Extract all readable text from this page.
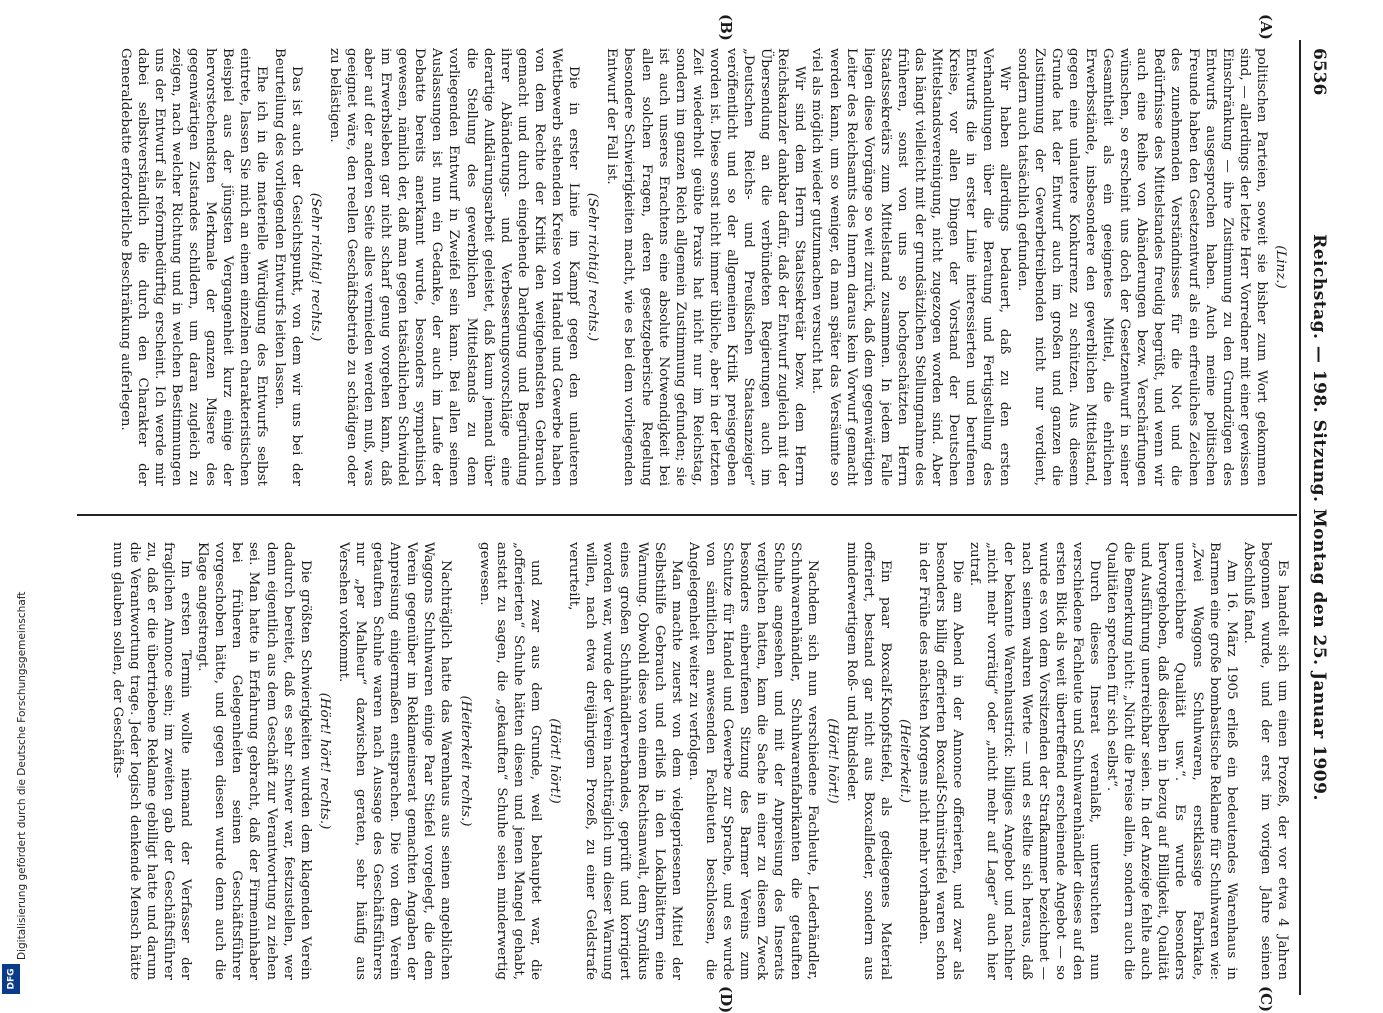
6536
Reichstag. — 198. Sitzung. Montag den 25. Januar 1909.
(A)
(B)
(C)
(D)

(Linz.)

politischen Parteien, soweit sie bisher zum Wort gekommen sind, — allerdings der letzte Herr Vorredner mit einer gewissen Einschränkung — ihre Zustimmung zu den Grundzügen des Entwurfs ausgesprochen haben. Auch meine politischen Freunde haben den Gesetzentwurf als ein erfreuliches Zeichen des zunehmenden Verständnisses für die Not und die Bedürfnisse des Mittelstandes freudig begrüßt, und wenn wir auch eine Reihe von Abänderungen bezw. Verschärfungen wünschen, so erscheint uns doch der Gesetzentwurf in seiner Gesamtheit als ein geeignetes Mittel, die ehrlichen Erwerbsstände, insbesondere den gewerblichen Mittelstand, gegen eine unlautere Konkurrenz zu schützen. Aus diesem Grunde hat der Entwurf auch im großen und ganzen die Zustimmung der Gewerbetreibenden nicht nur verdient, sondern auch tatsächlich gefunden.

Wir haben allerdings bedauert, daß zu den ersten Verhandlungen über die Beratung und Fertigstellung des Entwurfs die in erster Linie interessierten und berufenen Kreise, vor allen Dingen der Vorstand der Deutschen Mittelstandsvereinigung, nicht zugezogen worden sind. Aber das hängt vielleicht mit der grundsätzlichen Stellungnahme des früheren, sonst von uns so hochgeschätzten Herrn Staatssekretärs zum Mittelstand zusammen. In jedem Falle liegen diese Vorgänge so weit zurück, daß dem gegenwärtigen Leiter des Reichsamts des Innern daraus kein Vorwurf gemacht werden kann, um so weniger, da man später das Versäumte so viel als möglich wieder gutzumachen versucht hat.

Wir sind dem Herrn Staatssekretär bezw. dem Herrn Reichskanzler dankbar dafür, daß der Entwurf zugleich mit der Übersendung an die verbündeten Regierungen auch im „Deutschen Reichs- und Preußischen Staatsanzeiger“ veröffentlicht und so der allgemeinen Kritik preisgegeben worden ist. Diese sonst nicht immer übliche, aber in der letzten Zeit wiederholt geübte Praxis hat nicht nur im Reichstag, sondern im ganzen Reich allgemein Zustimmung gefunden; sie ist auch unseres Erachtens eine absolute Notwendigkeit bei allen solchen Fragen, deren gesetzgeberische Regelung besondere Schwierigkeiten macht, wie es bei dem vorliegenden Entwurf der Fall ist.

(Sehr richtig! rechts.)

Die in erster Linie im Kampf gegen den unlauteren Wettbewerb stehenden Kreise von Handel und Gewerbe haben von dem Rechte der Kritik den weitgehendsten Gebrauch gemacht und durch eingehende Darlegung und Begründung ihrer Abänderungs- und Verbesserungsvorschläge eine derartige Aufklärungsarbeit geleistet, daß kaum jemand über die Stellung des gewerblichen Mittelstands zu dem vorliegenden Entwurf in Zweifel sein kann. Bei allen seinen Auslassungen ist nun ein Gedanke, der auch im Laufe der Debatte bereits anerkannt wurde, besonders sympathisch gewesen, nämlich der, daß man gegen tatsächlichen Schwindel im Erwerbsleben gar nicht scharf genug vorgehen kann, daß aber auf der anderen Seite alles vermieden werden muß, was geeignet wäre, den reellen Geschäftsbetrieb zu schädigen oder zu belästigen.

(Sehr richtig! rechts.)

Das ist auch der Gesichtspunkt, von dem wir uns bei der Beurteilung des vorliegenden Entwurfs leiten lassen.

Ehe ich in die materielle Würdigung des Entwurfs selbst eintrete, lassen Sie mich an einem einzelnen charakteristischen Beispiel aus der jüngsten Vergangenheit kurz einige der hervorstechendsten Merkmale der ganzen Misere des gegenwärtigen Zustandes schildern, um daran zugleich zu zeigen, nach welcher Richtung und in welchen Bestimmungen uns der Entwurf als reformbedürftig erscheint. Ich werde mir dabei selbstverständlich die durch den Charakter der Generaldebatte erforderliche Beschränkung auferlegen.

Es handelt sich um einen Prozeß, der vor etwa 4 Jahren begonnen wurde, und der erst im vorigen Jahre seinen Abschluß fand.

Am 16. März 1905 erließ ein bedeutendes Warenhaus in Barmen eine große bombastische Reklame für Schuhwaren wie: „Zwei Waggons Schuhwaren, erstklassige Fabrikate, unerreichbare Qualität usw.“. Es wurde besonders hervorgehoben, daß dieselben in bezug auf Billigkeit, Qualität und Ausführung unerreichbar seien. In der Anzeige fehlte auch die Bemerkung nicht: „Nicht die Preise allein, sondern auch die Qualitäten sprechen für sich selbst“.

Durch dieses Inserat veranlaßt, untersuchten nun verschiedene Fachleute und Schuhwarenhändler dieses auf den ersten Blick als weit übertreffend erscheinende Angebot — so wurde es von dem Vorsitzenden der Strafkammer bezeichnet — nach seinem wahren Werte — und es stellte sich heraus, daß der bekannte Warenhaustrick: billiges Angebot und nachher „nicht mehr vorrätig“ oder „nicht mehr auf Lager“ auch hier zutraf.

Die am Abend in der Annonce offerierten, und zwar als besonders billig offerierten Boxcalf-Schnürstiefel waren schon in der Frühe des nächsten Morgens nicht mehr vorhanden.

(Heiterkeit.)

Ein paar Boxcalf-Knopfstiefel, als gediegenes Material offeriert, bestand gar nicht aus Boxcalfleder, sondern aus minderwertigem Roß- und Rindsleder.

(Hört! hört!)

Nachdem sich nun verschiedene Fachleute, Lederhändler, Schuhwarenhändler, Schuhwarenfabrikanten die getauften Schuhe angesehen und mit der Anpreisung des Inserats verglichen hatten, kam die Sache in einer zu diesem Zweck besonders einberufenen Sitzung des Barmer Vereins zum Schutze für Handel und Gewerbe zur Sprache, und es wurde von sämtlichen anwesenden Fachleuten beschlossen, die Angelegenheit weiter zu verfolgen.

Man machte zuerst von dem vielgepriesenen Mittel der Selbsthilfe Gebrauch und erließ in den Lokalblättern eine Warnung. Obwohl diese von einem Rechtsanwalt, dem Syndikus eines großen Schuhhändlerverbandes, geprüft und korrigiert worden war, wurde der Verein nachträglich um dieser Warnung willen, nach etwa dreijährigem Prozeß, zu einer Geldstrafe verurteilt,

(Hört! hört!)

und zwar aus dem Grunde, weil behauptet war, die „offerierten“ Schuhe hätten diesen und jenen Mangel gehabt, anstatt zu sagen, die „gekauften“ Schuhe seien minderwertig gewesen.

(Heiterkeit rechts.)

Nachträglich hatte das Warenhaus aus seinen angeblichen Waggons Schuhwaren einige Paar Stiefel vorgelegt, die dem Verein gegenüber im Reklameinserat gemachten Angaben der Anpreisung einigermaßen entsprachen. Die von dem Verein getauften Schuhe waren nach Aussage des Geschäftsführers nur „per Malheur“ dazwischen geraten, sehr häufig aus Versehen vorkommt.

(Hört! hört! rechts.)

Die größten Schwierigkeiten wurden dem klagenden Verein dadurch bereitet, daß es sehr schwer war, festzustellen, wer denn eigentlich aus dem Geschäft zur Verantwortung zu ziehen sei. Man hatte in Erfahrung gebracht, daß der Firmeninhaber bei früheren Gelegenheiten seinen Geschäftsführer vorgeschoben hätte, und gegen diesen wurde denn auch die Klage angestrengt.

Im ersten Termin wollte niemand der Verfasser der fraglichen Annonce sein; im zweiten gab der Geschäftsführer zu, daß er die übertriebene Reklame gebilligt hatte und darum die Verantwortung trage. Jeder logisch denkende Mensch hätte nun glauben sollen, der Geschäfts-

Digitalisierung gefördert durch die Deutsche Forschungsgemeinschaft
DFG
